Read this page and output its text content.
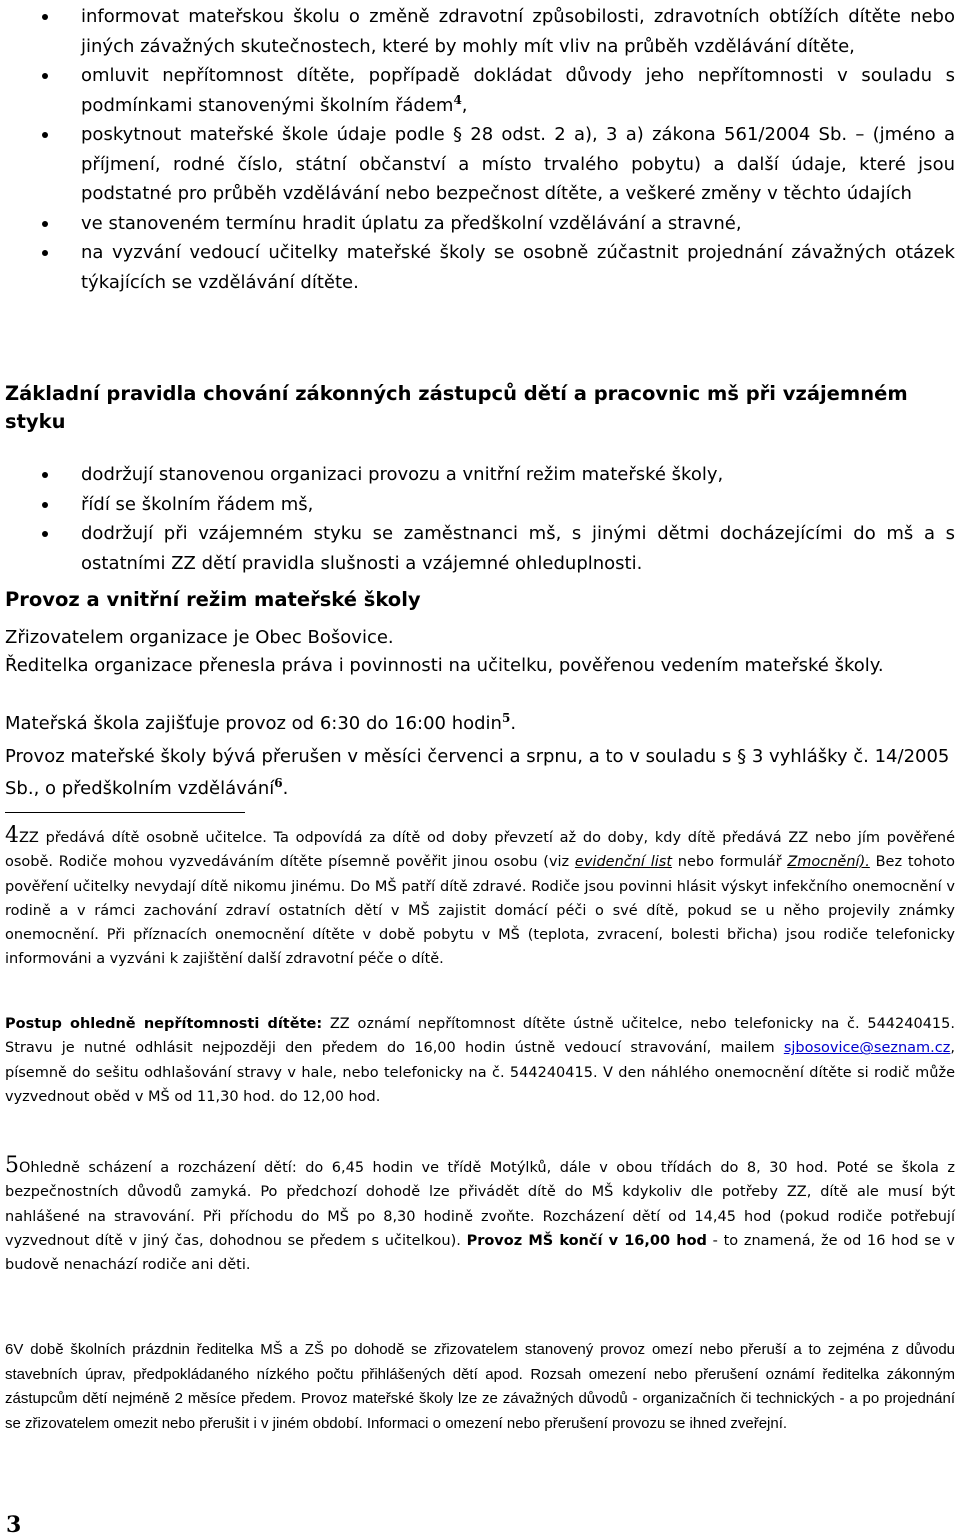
informovat mateřskou školu o změně zdravotní způsobilosti, zdravotních obtížích dítěte nebo jiných závažných skutečnostech, které by mohly mít vliv na průběh vzdělávání dítěte,
omluvit nepřítomnost dítěte, popřípadě dokládat důvody jeho nepřítomnosti v souladu s podmínkami stanovenými školním řádem$^4$,
poskytnout mateřské škole údaje podle § 28 odst. 2 a), 3 a) zákona 561/2004 Sb. – (jméno a příjmení, rodné číslo, státní občanství a místo trvalého pobytu) a další údaje, které jsou podstatné pro průběh vzdělávání nebo bezpečnost dítěte, a veškeré změny v těchto údajích
ve stanoveném termínu hradit úplatu za předškolní vzdělávání a stravné,
na vyzvání vedoucí učitelky mateřské školy se osobně zúčastnit projednání závažných otázek týkajících se vzdělávání dítěte.
Základní pravidla chování zákonných zástupců dětí a pracovnic mš při vzájemném styku
dodržují stanovenou organizaci provozu a vnitřní režim mateřské školy,
řídí se školním řádem mš,
dodržují při vzájemném styku se zaměstnanci mš, s jinými dětmi docházejícími do mš a s ostatními ZZ dětí pravidla slušnosti a vzájemné ohleduplnosti.
Provoz a vnitřní režim mateřské školy
Zřizovatelem organizace je Obec Bošovice.
Ředitelka organizace přenesla práva i povinnosti na učitelku, pověřenou vedením mateřské školy.
Mateřská škola zajišťuje provoz od 6:30 do 16:00 hodin$^5$.
Provoz mateřské školy bývá přerušen v měsíci červenci a srpnu, a to v souladu s § 3 vyhlášky č. 14/2005 Sb., o předškolním vzdělávání$^6$.
4ZZ předává dítě osobně učitelce. Ta odpovídá za dítě od doby převzetí až do doby, kdy dítě předává ZZ nebo jím pověřené osobě. Rodiče mohou vyzvedáváním dítěte písemně pověřit jinou osobu (viz evidenční list nebo formulář Zmocnění). Bez tohoto pověření učitelky nevydají dítě nikomu jinému. Do MŠ patří dítě zdravé. Rodiče jsou povinni hlásit výskyt infekčního onemocnění v rodině a v rámci zachování zdraví ostatních dětí v MŠ zajistit domácí péči o své dítě, pokud se u něho projevily známky onemocnění. Při příznacích onemocnění dítěte v době pobytu v MŠ (teplota, zvracení, bolesti břicha) jsou rodiče telefonicky informováni a vyzváni k zajištění další zdravotní péče o dítě.
Postup ohledně nepřítomnosti dítěte: ZZ oznámí nepřítomnost dítěte ústně učitelce, nebo telefonicky na č. 544240415. Stravu je nutné odhlásit nejpozději den předem do 16,00 hodin ústně vedoucí stravování, mailem sjbosovice@seznam.cz, písemně do sešitu odhlašování stravy v hale, nebo telefonicky na č. 544240415. V den náhlého onemocnění dítěte si rodič může vyzvednout oběd v MŠ od 11,30 hod. do 12,00 hod.
5Ohledně scházení a rozcházení dětí: do 6,45 hodin ve třídě Motýlků, dále v obou třídách do 8, 30 hod. Poté se škola z bezpečnostních důvodů zamyká. Po předchozí dohodě lze přivádět dítě do MŠ kdykoliv dle potřeby ZZ, dítě ale musí být nahlášené na stravování. Při příchodu do MŠ po 8,30 hodině zvoňte. Rozcházení dětí od 14,45 hod (pokud rodiče potřebují vyzvednout dítě v jiný čas, dohodnou se předem s učitelkou). Provoz MŠ končí v 16,00 hod - to znamená, že od 16 hod se v budově nenachází rodiče ani děti.
6V době školních prázdnin ředitelka MŠ a ZŠ po dohodě se zřizovatelem stanovený provoz omezí nebo přeruší a to zejména z důvodu stavebních úprav, předpokládaného nízkého počtu přihlášených dětí apod. Rozsah omezení nebo přerušení oznámí ředitelka zákonným zástupcům dětí nejméně 2 měsíce předem. Provoz mateřské školy lze ze závažných důvodů - organizačních či technických - a po projednání se zřizovatelem omezit nebo přerušit i v jiném období. Informaci o omezení nebo přerušení provozu se ihned zveřejní.
3
